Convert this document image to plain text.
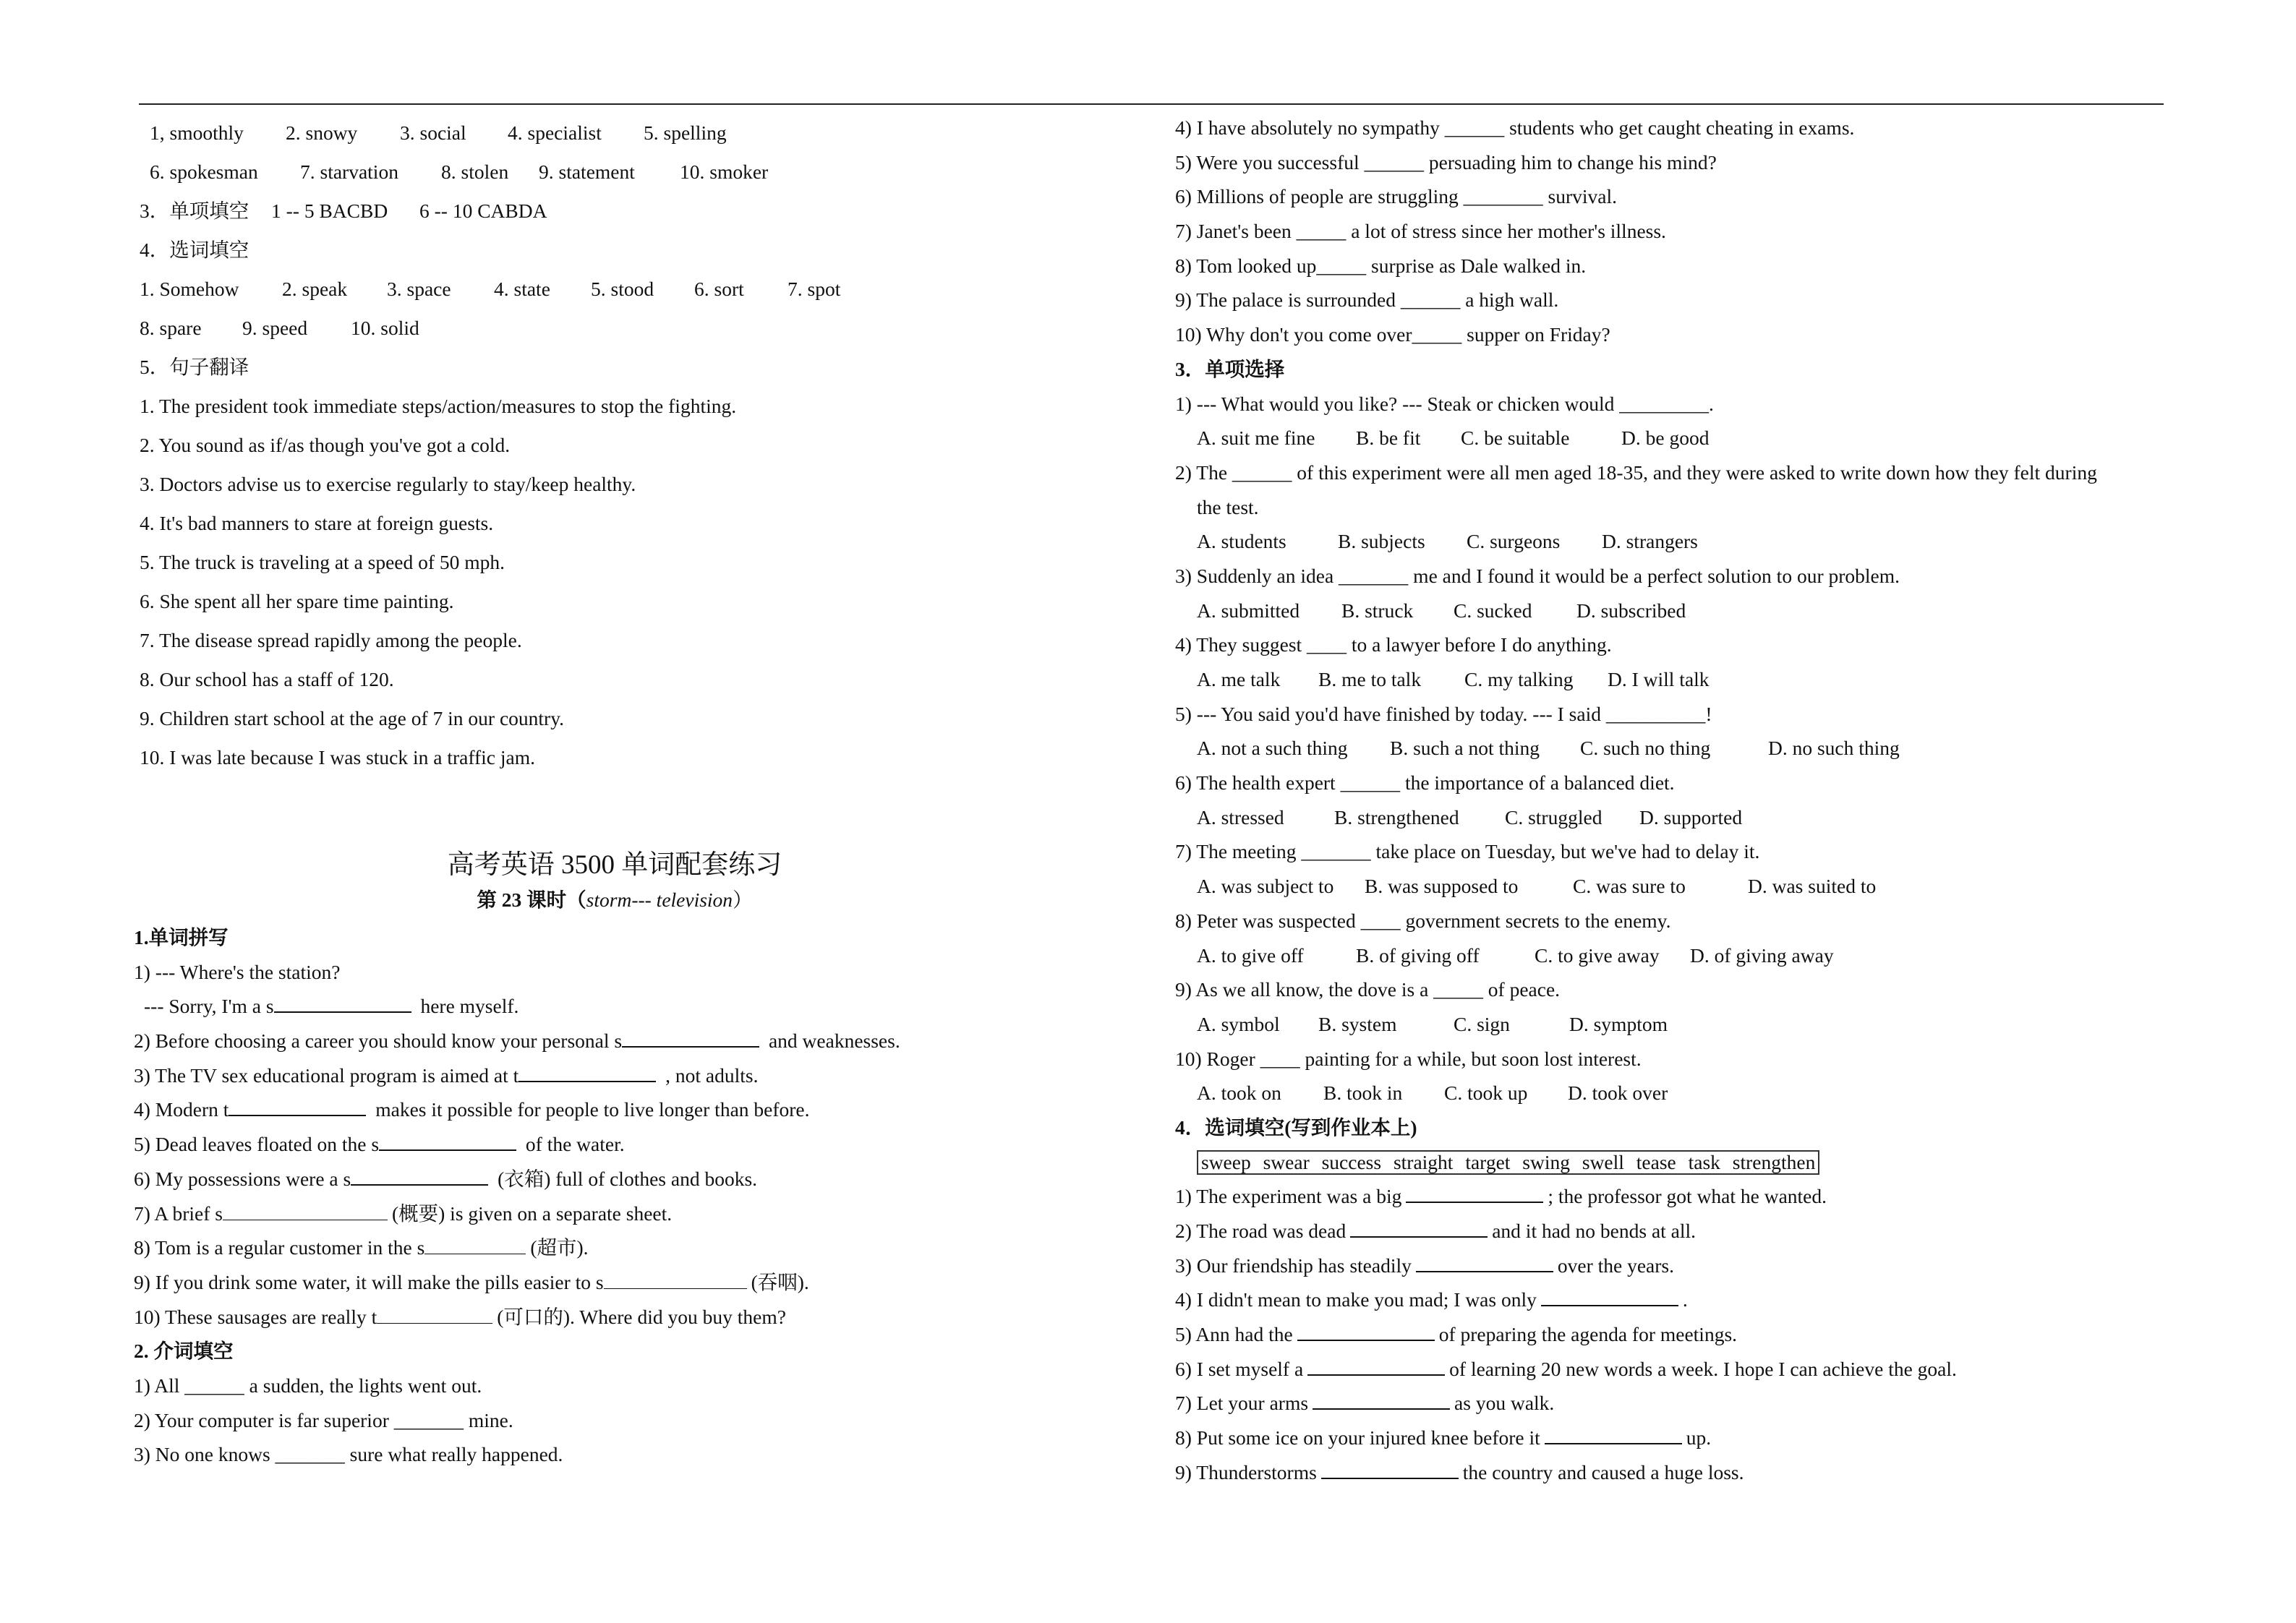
1, smoothly 2. snowy 3. social 4. specialist 5. spelling
6. spokesman 7. starvation 8. stolen 9. statement 10. smoker
3．单项填空 1 -- 5 BACBD 6 -- 10 CABDA
4．选词填空
1. Somehow 2. speak 3. space 4. state 5. stood 6. sort 7. spot
8. spare 9. speed 10. solid
5．句子翻译
1. The president took immediate steps/action/measures to stop the fighting.
2. You sound as if/as though you've got a cold.
3. Doctors advise us to exercise regularly to stay/keep healthy.
4. It's bad manners to stare at foreign guests.
5. The truck is traveling at a speed of 50 mph.
6. She spent all her spare time painting.
7. The disease spread rapidly among the people.
8. Our school has a staff of 120.
9. Children start school at the age of 7 in our country.
10. I was late because I was stuck in a traffic jam.
高考英语 3500 单词配套练习
第 23 课时（storm--- television）
1.单词拼写
1) --- Where's the station?
--- Sorry, I'm a s	here myself.
2) Before choosing a career you should know your personal s	and weaknesses.
3) The TV sex educational program is aimed at t	, not adults.
4) Modern t	makes it possible for people to live longer than before.
5) Dead leaves floated on the s	of the water.
6) My possessions were a s	(衣箱) full of clothes and books.
7) A brief s	(概要) is given on a separate sheet.
8) Tom is a regular customer in the s	(超市).
9) If you drink some water, it will make the pills easier to s	(吞咽).
10) These sausages are really t	(可口的). Where did you buy them?
2. 介词填空
1) All ______ a sudden, the lights went out.
2) Your computer is far superior _______ mine.
3) No one knows _______ sure what really happened.
4) I have absolutely no sympathy ______ students who get caught cheating in exams.
5) Were you successful ______ persuading him to change his mind?
6) Millions of people are struggling ________ survival.
7) Janet's been _____ a lot of stress since her mother's illness.
8) Tom looked up_____ surprise as Dale walked in.
9) The palace is surrounded ______ a high wall.
10) Why don't you come over_____ supper on Friday?
3．单项选择
1) --- What would you like? --- Steak or chicken would _________.
A. suit me fine B. be fit C. be suitable	D. be good
2) The ______ of this experiment were all men aged 18-35, and they were asked to write down how they felt during
the test.
A. students	B. subjects C. surgeons D. strangers
3) Suddenly an idea _______ me and I found it would be a perfect solution to our problem.
A. submitted B. struck C. sucked D. subscribed
4) They suggest ____ to a lawyer before I do anything.
A. me talk B. me to talk C. my talking D. I will talk
5) --- You said you'd have finished by today. --- I said __________!
A. not a such thing B. such a not thing C. such no thing	D. no such thing
6) The health expert ______ the importance of a balanced diet.
A. stressed	B. strengthened C. struggled D. supported
7) The meeting _______ take place on Tuesday, but we've had to delay it.
A. was subject to B. was supposed to	C. was sure to	D. was suited to
8) Peter was suspected ____ government secrets to the enemy.
A. to give off	B. of giving off	C. to give away D. of giving away
9) As we all know, the dove is a _____ of peace.
A. symbol B. system	C. sign	D. symptom
10) Roger ____ painting for a while, but soon lost interest.
A. took on B. took in C. took up D. took over
4．选词填空(写到作业本上)
sweep swear success straight target swing swell tease task strengthen
1) The experiment was a big	; the professor got what he wanted.
2) The road was dead	and it had no bends at all.
3) Our friendship has steadily	over the years.
4) I didn't mean to make you mad; I was only	.
5) Ann had the	of preparing the agenda for meetings.
6) I set myself a	of learning 20 new words a week. I hope I can achieve the goal.
7) Let your arms	as you walk.
8) Put some ice on your injured knee before it	up.
9) Thunderstorms	the country and caused a huge loss.
